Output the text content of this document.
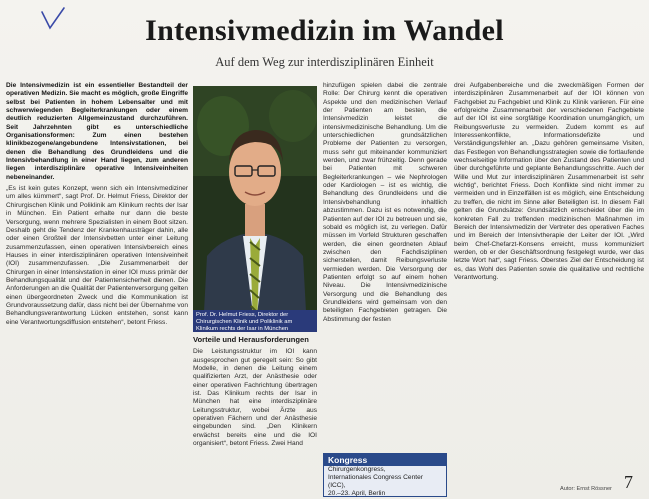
Intensivmedizin im Wandel

Auf dem Weg zur interdisziplinären Einheit

Die Intensivmedizin ist ein essentieller Bestandteil der operativen Medizin. Sie macht es möglich, große Eingriffe selbst bei Patienten in hohem Lebensalter und mit schwerwiegenden Begleiterkrankungen oder einem deutlich reduzierten Allgemeinzustand durchzuführen. Seit Jahrzehnten gibt es unterschiedliche Organisationsformen: Zum einen bestehen klinikbezogene/angebundene Intensivstationen, bei denen die Behandlung des Grundleidens und die Intensivbehandlung in einer Hand liegen, zum anderen liegen interdisziplinäre operative Intensiveinheiten nebeneinander.

„Es ist kein gutes Konzept, wenn sich ein Intensivmediziner um alles kümmert“, sagt Prof. Dr. Helmut Friess, Direktor der Chirurgischen Klinik und Poliklinik am Klinikum rechts der Isar in München. Ein Patient erhalte nur dann die beste Versorgung, wenn mehrere Spezialisten in einem Boot sitzen. Deshalb geht die Tendenz der Krankenhausträger dahin, alle oder einen Großteil der Intensivbetten unter einer Leitung zusammenzufassen, einen operativen Intensivbereich eines Hauses in einer interdisziplinären operativen Intensiveinheit (IOI) zusammenzufassen. „Die Zusammenarbeit der Chirurgen in einer Intensivstation in einer IOI muss primär der Behandlungsqualität und der Patientensicherheit dienen. Die Anforderungen an die Qualität der Patientenversorgung gelten einen übergeordneten Zweck und die Kommunikation ist Grundvoraussetzung dafür, dass nicht bei der Übernahme von Behandlungsverantwortung Lücken entstehen, sonst kann eine Verantwortungsdiffusion entstehen“, betont Friess.

Prof. Dr. Helmut Friess, Direktor der Chirurgischen Klinik und Poliklinik am Klinikum rechts der Isar in München
Vorteile und Herausforderungen

Die Leistungsstruktur im IOI kann ausgesprochen gut geregelt sein: So gibt Modelle, in denen die Leitung einem qualifizierten Arzt, der Anästhesie oder einer operativen Fachrichtung übertragen ist. Das Klinikum rechts der Isar in München hat eine interdisziplinäre Leitungsstruktur, wobei Ärzte aus operativen Fächern und der Anästhesie eingebunden sind. „Den Klinikern erwächst bereits eine und die IOI organisiert“, betont Friess. Zwei Hand

hinzufügen spielen dabei die zentrale Rolle: Der Chirurg kennt die operativen Aspekte und den medizinischen Verlauf der Patienten am besten, die Intensivmedizin leistet die intensivmedizinische Behandlung. Um die unterschiedlichen grundsätzlichen Probleme der Patienten zu versorgen, muss sehr gut miteinander kommuniziert werden, und zwar frühzeitig. Denn gerade bei Patienten mit schweren Begleiterkrankungen – wie Nephrologen oder Kardiologen – ist es wichtig, die Behandlung des Grundleidens und die Intensivbehandlung inhaltlich abzustimmen. Dazu ist es notwendig, die Patienten auf der IOI zu betreuen und sie, sobald es möglich ist, zu verlegen. Dafür müssen im Vorfeld Strukturen geschaffen werden, die einen geordneten Ablauf zwischen den Fachdisziplinen sicherstellen, damit Reibungsverluste vermieden werden. Die Versorgung der Patienten erfolgt so auf einem hohen Niveau. Die Intensivmedizinische Versorgung und die Behandlung des Grundleidens wird gemeinsam von den beteiligten Fachgebieten getragen. Die Abstimmung der festen

Kongress
Chirurgenkongress,
Internationales Congress Center (ICC),
20.–23. April, Berlin

drei Aufgabenbereiche und die zweckmäßigen Formen der interdisziplinären Zusammenarbeit auf der IOI können von Fachgebiet zu Fachgebiet und Klinik zu Klinik variieren. Für eine erfolgreiche Zusammenarbeit der verschiedenen Fachgebiete auf der IOI ist eine sorgfältige Koordination unumgänglich, um Reibungsverluste zu vermeiden. Zudem kommt es auf Interessenkonflikte, Informationsdefizite und Verständigungsfehler an. „Dazu gehören gemeinsame Visiten, das Festlegen von Behandlungsstrategien sowie die fortlaufende wechselseitige Information über den Zustand des Patienten und über durchgeführte und geplante Behandlungsschritte. Auch der Wille und Mut zur interdisziplinären Zusammenarbeit ist sehr wichtig“, berichtet Friess. Doch Konflikte sind nicht immer zu vermeiden und in Einzelfällen ist es möglich, eine Entscheidung zu treffen, die nicht im Sinne aller Beteiligten ist. In diesem Fall gelten die Grundsätze: Grundsätzlich entscheidet über die im konkreten Fall zu treffenden medizinischen Maßnahmen im Bereich der Intensivmedizin der Vertreter des operativen Faches und im Bereich der Intensivtherapie der Leiter der IOI. „Wird beim Chef-Chefarzt-Konsens erreicht, muss kommuniziert werden, ob er der Geschäftsordnung festgelegt wurde, wer das letzte Wort hat“, sagt Friess. Oberstes Ziel der Entscheidung ist es, das Wohl des Patienten sowie die qualitative und rechtliche Verantwortung.

Autor: Ernst Rössner 7
